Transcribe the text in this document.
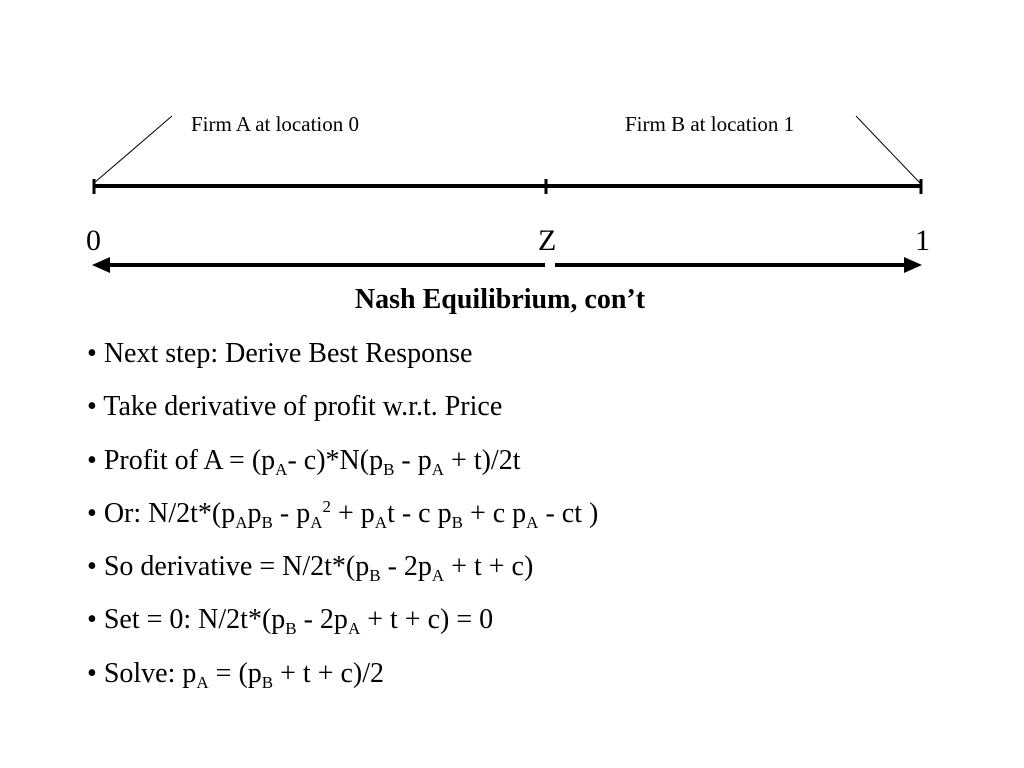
Firm A at location 0	Firm B at location 1
0	Z	1
Nash Equilibrium, con’t
• Next step: Derive Best Response
• Take derivative of profit w.r.t. Price
• Profit of $A = (p_A-$ $c)*N(p_B - p_A + t)/2t$
• Or: $N/2t*(p_Ap_B - p_A^2 + p_At - c$ $p_B + c$ $p_A$ - ct )
• So derivative = $N/2t*(p_B - 2p_A + t + c)$
• Set = 0: $N/2t*(p_B - 2p_A + t + c) = 0$
• Solve: $p_A = (p_B + t + c)/2$
